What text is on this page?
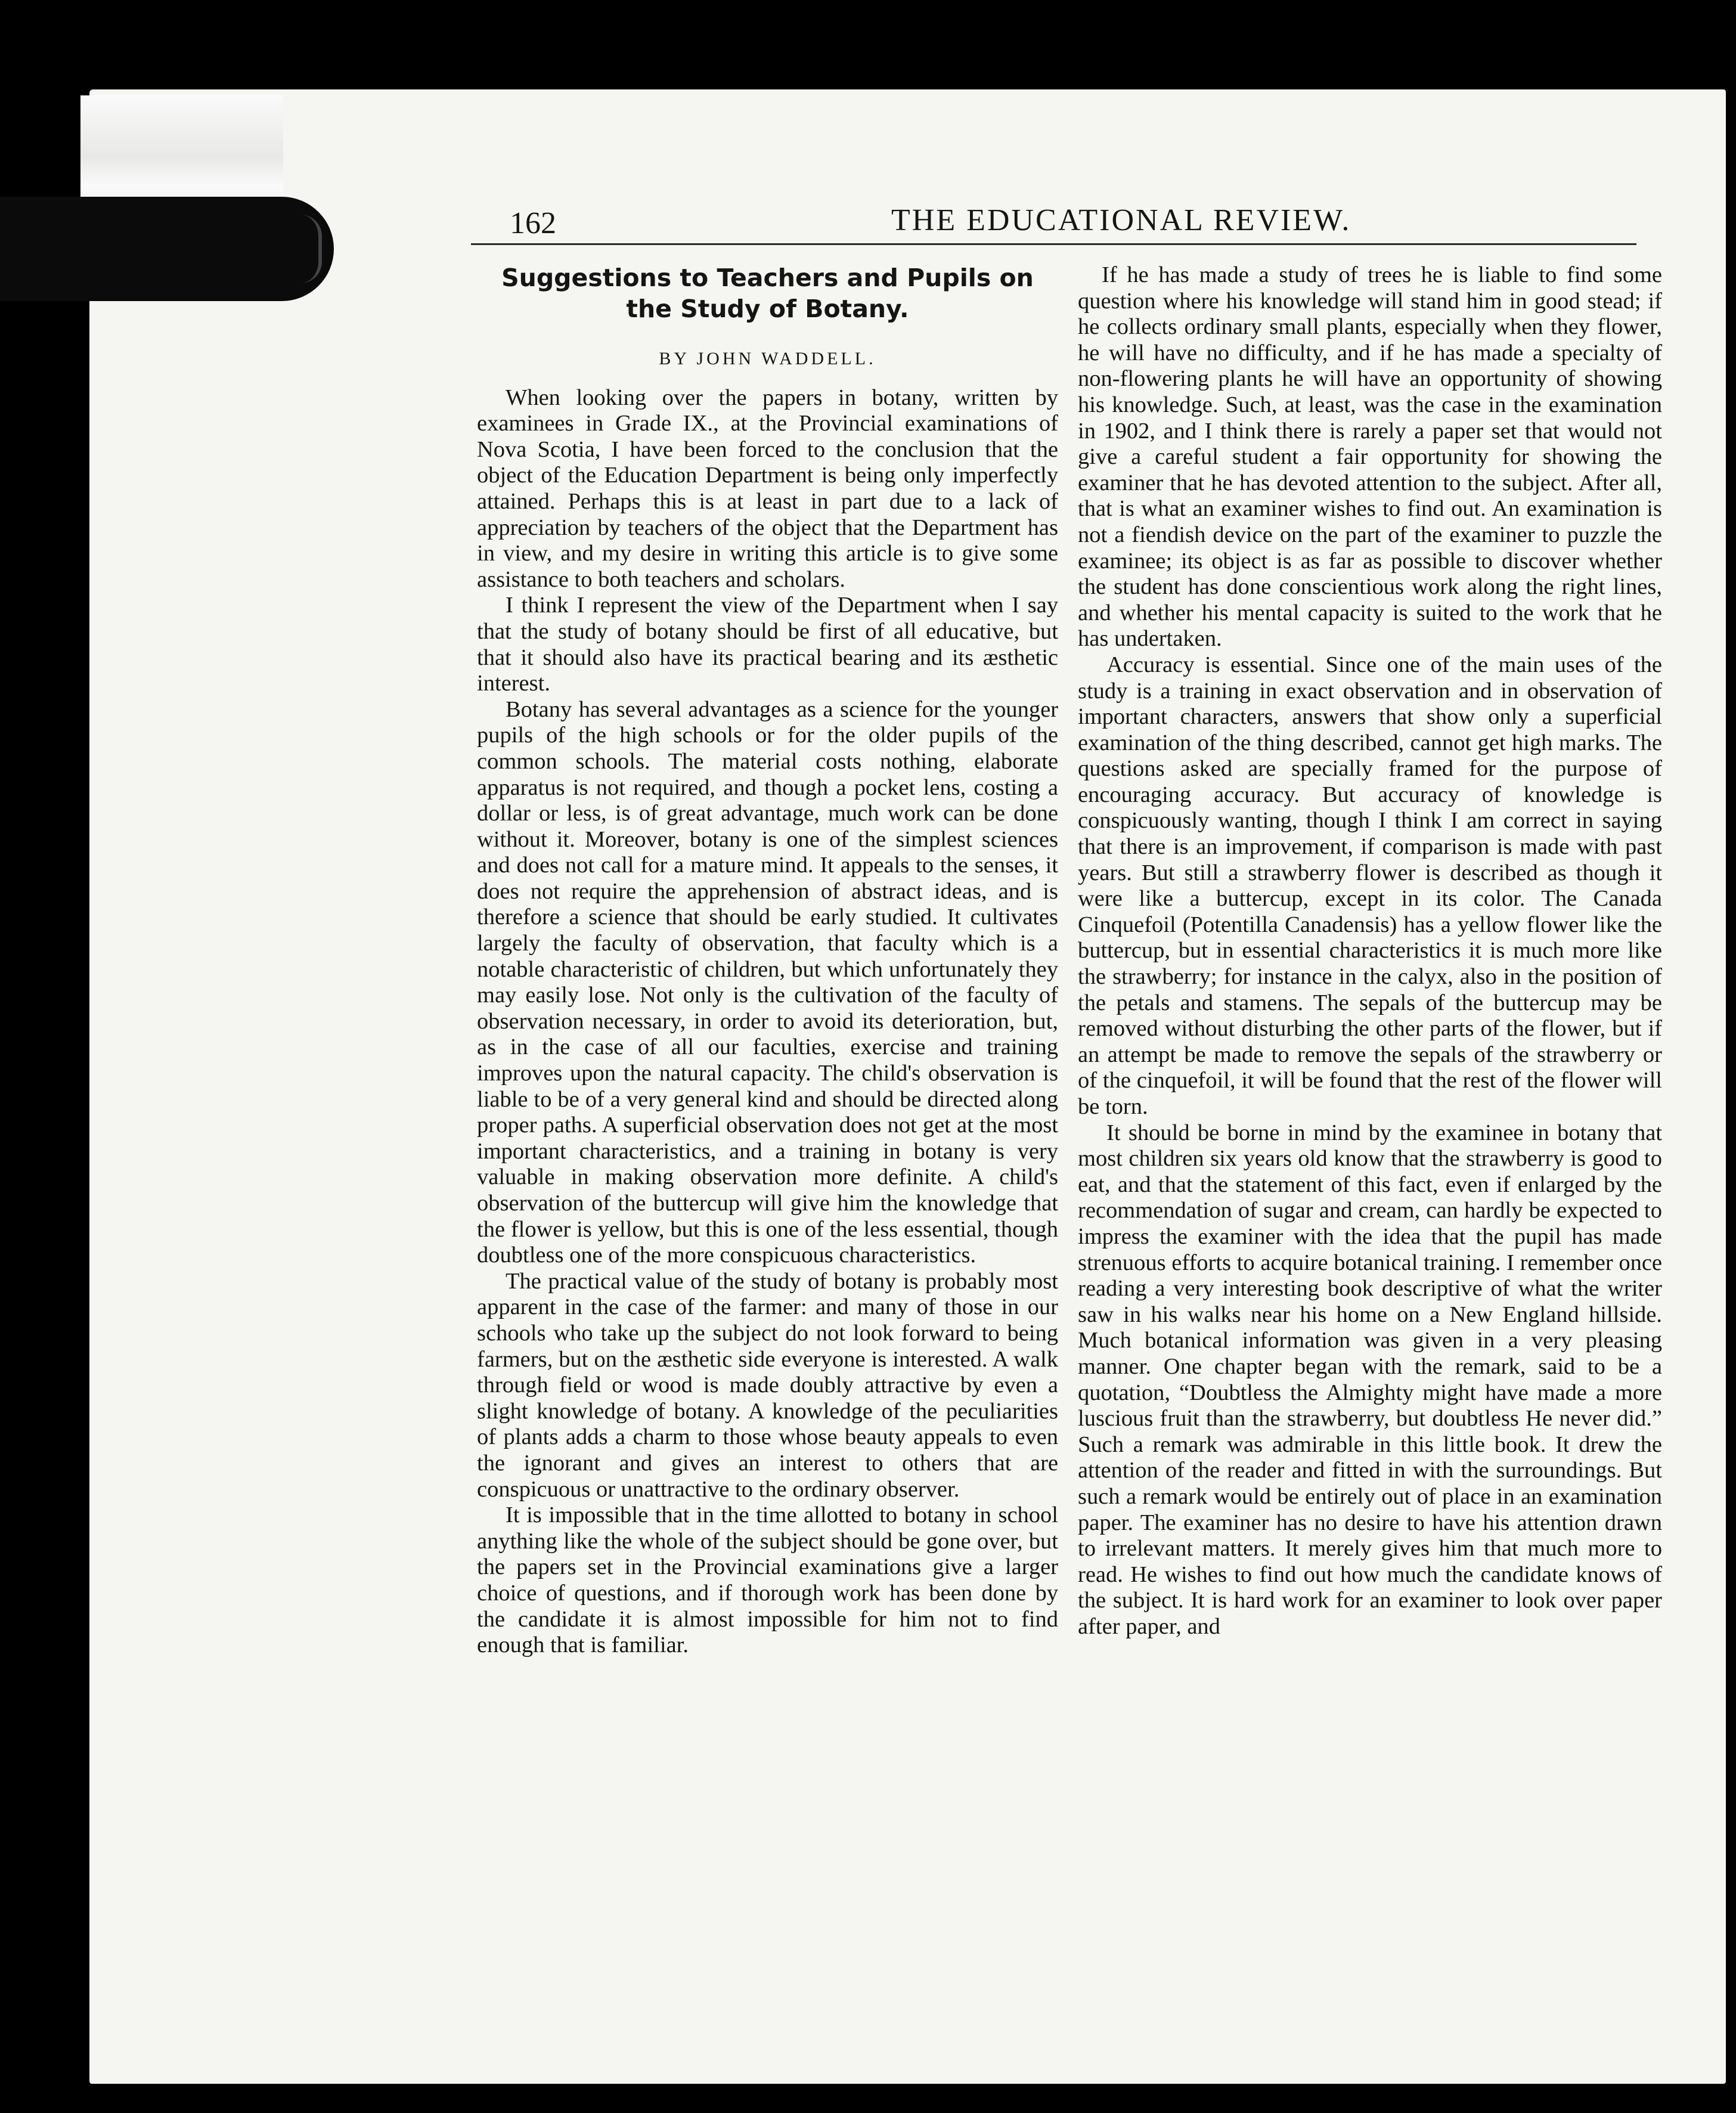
162	THE EDUCATIONAL REVIEW.
Suggestions to Teachers and Pupils on the Study of Botany.
BY JOHN WADDELL.

When looking over the papers in botany, written by examinees in Grade IX., at the Provincial examinations of Nova Scotia, I have been forced to the conclusion that the object of the Education Department is being only imperfectly attained. Perhaps this is at least in part due to a lack of appreciation by teachers of the object that the Department has in view, and my desire in writing this article is to give some assistance to both teachers and scholars.

I think I represent the view of the Department when I say that the study of botany should be first of all educative, but that it should also have its practical bearing and its æsthetic interest.

Botany has several advantages as a science for the younger pupils of the high schools or for the older pupils of the common schools. The material costs nothing, elaborate apparatus is not required, and though a pocket lens, costing a dollar or less, is of great advantage, much work can be done without it. Moreover, botany is one of the simplest sciences and does not call for a mature mind. It appeals to the senses, it does not require the apprehension of abstract ideas, and is therefore a science that should be early studied. It cultivates largely the faculty of observation, that faculty which is a notable characteristic of children, but which unfortunately they may easily lose. Not only is the cultivation of the faculty of observation necessary, in order to avoid its deterioration, but, as in the case of all our faculties, exercise and training improves upon the natural capacity. The child's observation is liable to be of a very general kind and should be directed along proper paths. A superficial observation does not get at the most important characteristics, and a training in botany is very valuable in making observation more definite. A child's observation of the buttercup will give him the knowledge that the flower is yellow, but this is one of the less essential, though doubtless one of the more conspicuous characteristics.

The practical value of the study of botany is probably most apparent in the case of the farmer: and many of those in our schools who take up the subject do not look forward to being farmers, but on the æsthetic side everyone is interested. A walk through field or wood is made doubly attractive by even a slight knowledge of botany. A knowledge of the peculiarities of plants adds a charm to those whose beauty appeals to even the ignorant and gives an interest to others that are conspicuous or unattractive to the ordinary observer.

It is impossible that in the time allotted to botany in school anything like the whole of the subject should be gone over, but the papers set in the Provincial examinations give a larger choice of questions, and if thorough work has been done by the candidate it is almost impossible for him not to find enough that is familiar.

If he has made a study of trees he is liable to find some question where his knowledge will stand him in good stead; if he collects ordinary small plants, especially when they flower, he will have no difficulty, and if he has made a specialty of non-flowering plants he will have an opportunity of showing his knowledge. Such, at least, was the case in the examination in 1902, and I think there is rarely a paper set that would not give a careful student a fair opportunity for showing the examiner that he has devoted attention to the subject. After all, that is what an examiner wishes to find out. An examination is not a fiendish device on the part of the examiner to puzzle the examinee; its object is as far as possible to discover whether the student has done conscientious work along the right lines, and whether his mental capacity is suited to the work that he has undertaken.

Accuracy is essential. Since one of the main uses of the study is a training in exact observation and in observation of important characters, answers that show only a superficial examination of the thing described, cannot get high marks. The questions asked are specially framed for the purpose of encouraging accuracy. But accuracy of knowledge is conspicuously wanting, though I think I am correct in saying that there is an improvement, if comparison is made with past years. But still a strawberry flower is described as though it were like a buttercup, except in its color. The Canada Cinquefoil (Potentilla Canadensis) has a yellow flower like the buttercup, but in essential characteristics it is much more like the strawberry; for instance in the calyx, also in the position of the petals and stamens. The sepals of the buttercup may be removed without disturbing the other parts of the flower, but if an attempt be made to remove the sepals of the strawberry or of the cinquefoil, it will be found that the rest of the flower will be torn.

It should be borne in mind by the examinee in botany that most children six years old know that the strawberry is good to eat, and that the statement of this fact, even if enlarged by the recommendation of sugar and cream, can hardly be expected to impress the examiner with the idea that the pupil has made strenuous efforts to acquire botanical training. I remember once reading a very interesting book descriptive of what the writer saw in his walks near his home on a New England hillside. Much botanical information was given in a very pleasing manner. One chapter began with the remark, said to be a quotation, “Doubtless the Almighty might have made a more luscious fruit than the strawberry, but doubtless He never did.” Such a remark was admirable in this little book. It drew the attention of the reader and fitted in with the surroundings. But such a remark would be entirely out of place in an examination paper. The examiner has no desire to have his attention drawn to irrelevant matters. It merely gives him that much more to read. He wishes to find out how much the candidate knows of the subject. It is hard work for an examiner to look over paper after paper, and
